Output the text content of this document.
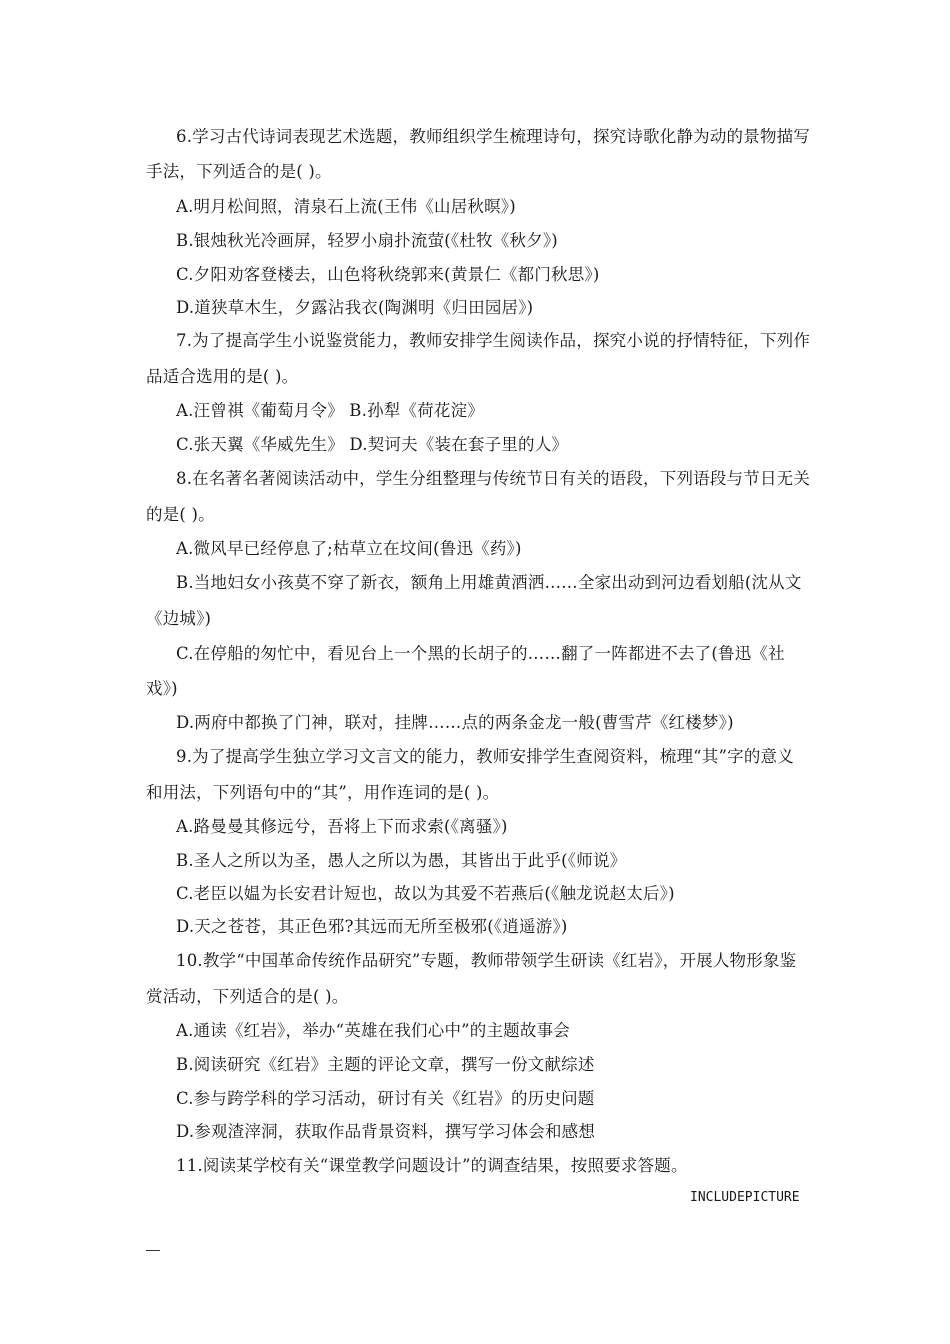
6.学习古代诗词表现艺术选题，教师组织学生梳理诗句，探究诗歌化静为动的景物描写
手法，下列适合的是( )。
A.明月松间照，清泉石上流(王伟《山居秋暝》)
B.银烛秋光冷画屏，轻罗小扇扑流萤(《杜牧《秋夕》)
C.夕阳劝客登楼去，山色将秋绕郭来(黄景仁《都门秋思》)
D.道狭草木生，夕露沾我衣(陶渊明《归田园居》)
7.为了提高学生小说鉴赏能力，教师安排学生阅读作品，探究小说的抒情特征，下列作
品适合选用的是( )。
A.汪曾祺《葡萄月令》 B.孙犁《荷花淀》
C.张天翼《华威先生》 D.契诃夫《装在套子里的人》
8.在名著名著阅读活动中，学生分组整理与传统节日有关的语段，下列语段与节日无关
的是( )。
A.微风早已经停息了;枯草立在坟间(鲁迅《药》)
B.当地妇女小孩莫不穿了新衣，额角上用雄黄酒洒……全家出动到河边看划船(沈从文
《边城》)
C.在停船的匆忙中，看见台上一个黑的长胡子的……翻了一阵都进不去了(鲁迅《社
戏》)
D.两府中都换了门神，联对，挂牌……点的两条金龙一般(曹雪芹《红楼梦》)
9.为了提高学生独立学习文言文的能力，教师安排学生查阅资料，梳理“其”字的意义
和用法，下列语句中的“其”，用作连词的是( )。
A.路曼曼其修远兮，吾将上下而求索(《离骚》)
B.圣人之所以为圣，愚人之所以为愚，其皆出于此乎(《师说》
C.老臣以媪为长安君计短也，故以为其爱不若燕后(《触龙说赵太后》)
D.天之苍苍，其正色邪?其远而无所至极邪(《逍遥游》)
10.教学“中国革命传统作品研究”专题，教师带领学生研读《红岩》，开展人物形象鉴
赏活动，下列适合的是( )。
A.通读《红岩》，举办“英雄在我们心中”的主题故事会
B.阅读研究《红岩》主题的评论文章，撰写一份文献综述
C.参与跨学科的学习活动，研讨有关《红岩》的历史问题
D.参观渣滓洞，获取作品背景资料，撰写学习体会和感想
11.阅读某学校有关“课堂教学问题设计”的调查结果，按照要求答题。
INCLUDEPICTURE
